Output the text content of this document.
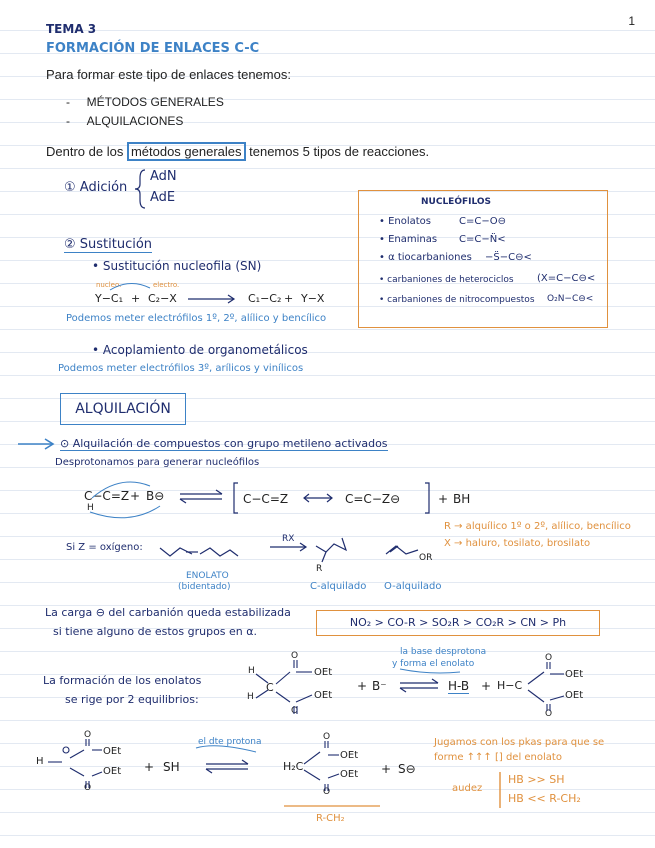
1
TEMA 3
FORMACIÓN DE ENLACES C-C
Para formar este tipo de enlaces tenemos:
-     MÉTODOS GENERALES
-     ALQUILACIONES
Dentro de los métodos generales tenemos 5 tipos de reacciones.
① Adición
AdN
AdE	NUCLEÓFILOS
• Enolatos	C=C−O⊖
• Enaminas C=C−N̈<
• α tiocarbaniones −S̈−C⊖<
• carbaniones de heterociclos (X=C−C⊖<
• carbaniones de nitrocompuestos O₂N−C⊖<
② Sustitución
• Sustitución nucleofila (SN)
nucleo.	electro.
Y−C₁ + C₂−X	C₁−C₂ + Y−X
Podemos meter electrófilos 1º, 2º, alílico y bencílico
• Acoplamiento de organometálicos
Podemos meter electrófilos 3º, arílicos y vinílicos
ALQUILACIÓN
⊙ Alquilación de compuestos con grupo metileno activados
Desprotonamos para generar nucleófilos
C−C=Z
H
+ B⊖	C−C=Z	C=C−Z⊖	+ BH
R → alquílico 1º o 2º, alílico, bencílico
X → haluro, tosilato, brosilato
Si Z = oxígeno:
RX
ENOLATO
(bidentado)
R
OR
C-alquilado O-alquilado
La carga ⊖ del carbanión queda estabilizada
si tiene alguno de estos grupos en α.
NO₂ > CO-R > SO₂R > CO₂R > CN > Ph
La formación de los enolatos
se rige por 2 equilibrios:
O
OEt
H
C
H	OEt
O
+ B⁻
la base desprotona
y forma el enolato
H-B + H−C
O
OEt
OEt
O
O
H
OEt
OEt
O
+ SH
el dte protona	O
H₂C
OEt
OEt
O
+ S⊖
R-CH₂
Jugamos con los pkas para que se
forme ↑↑↑ [] del enolato
audez
HB >> SH
HB << R-CH₂
